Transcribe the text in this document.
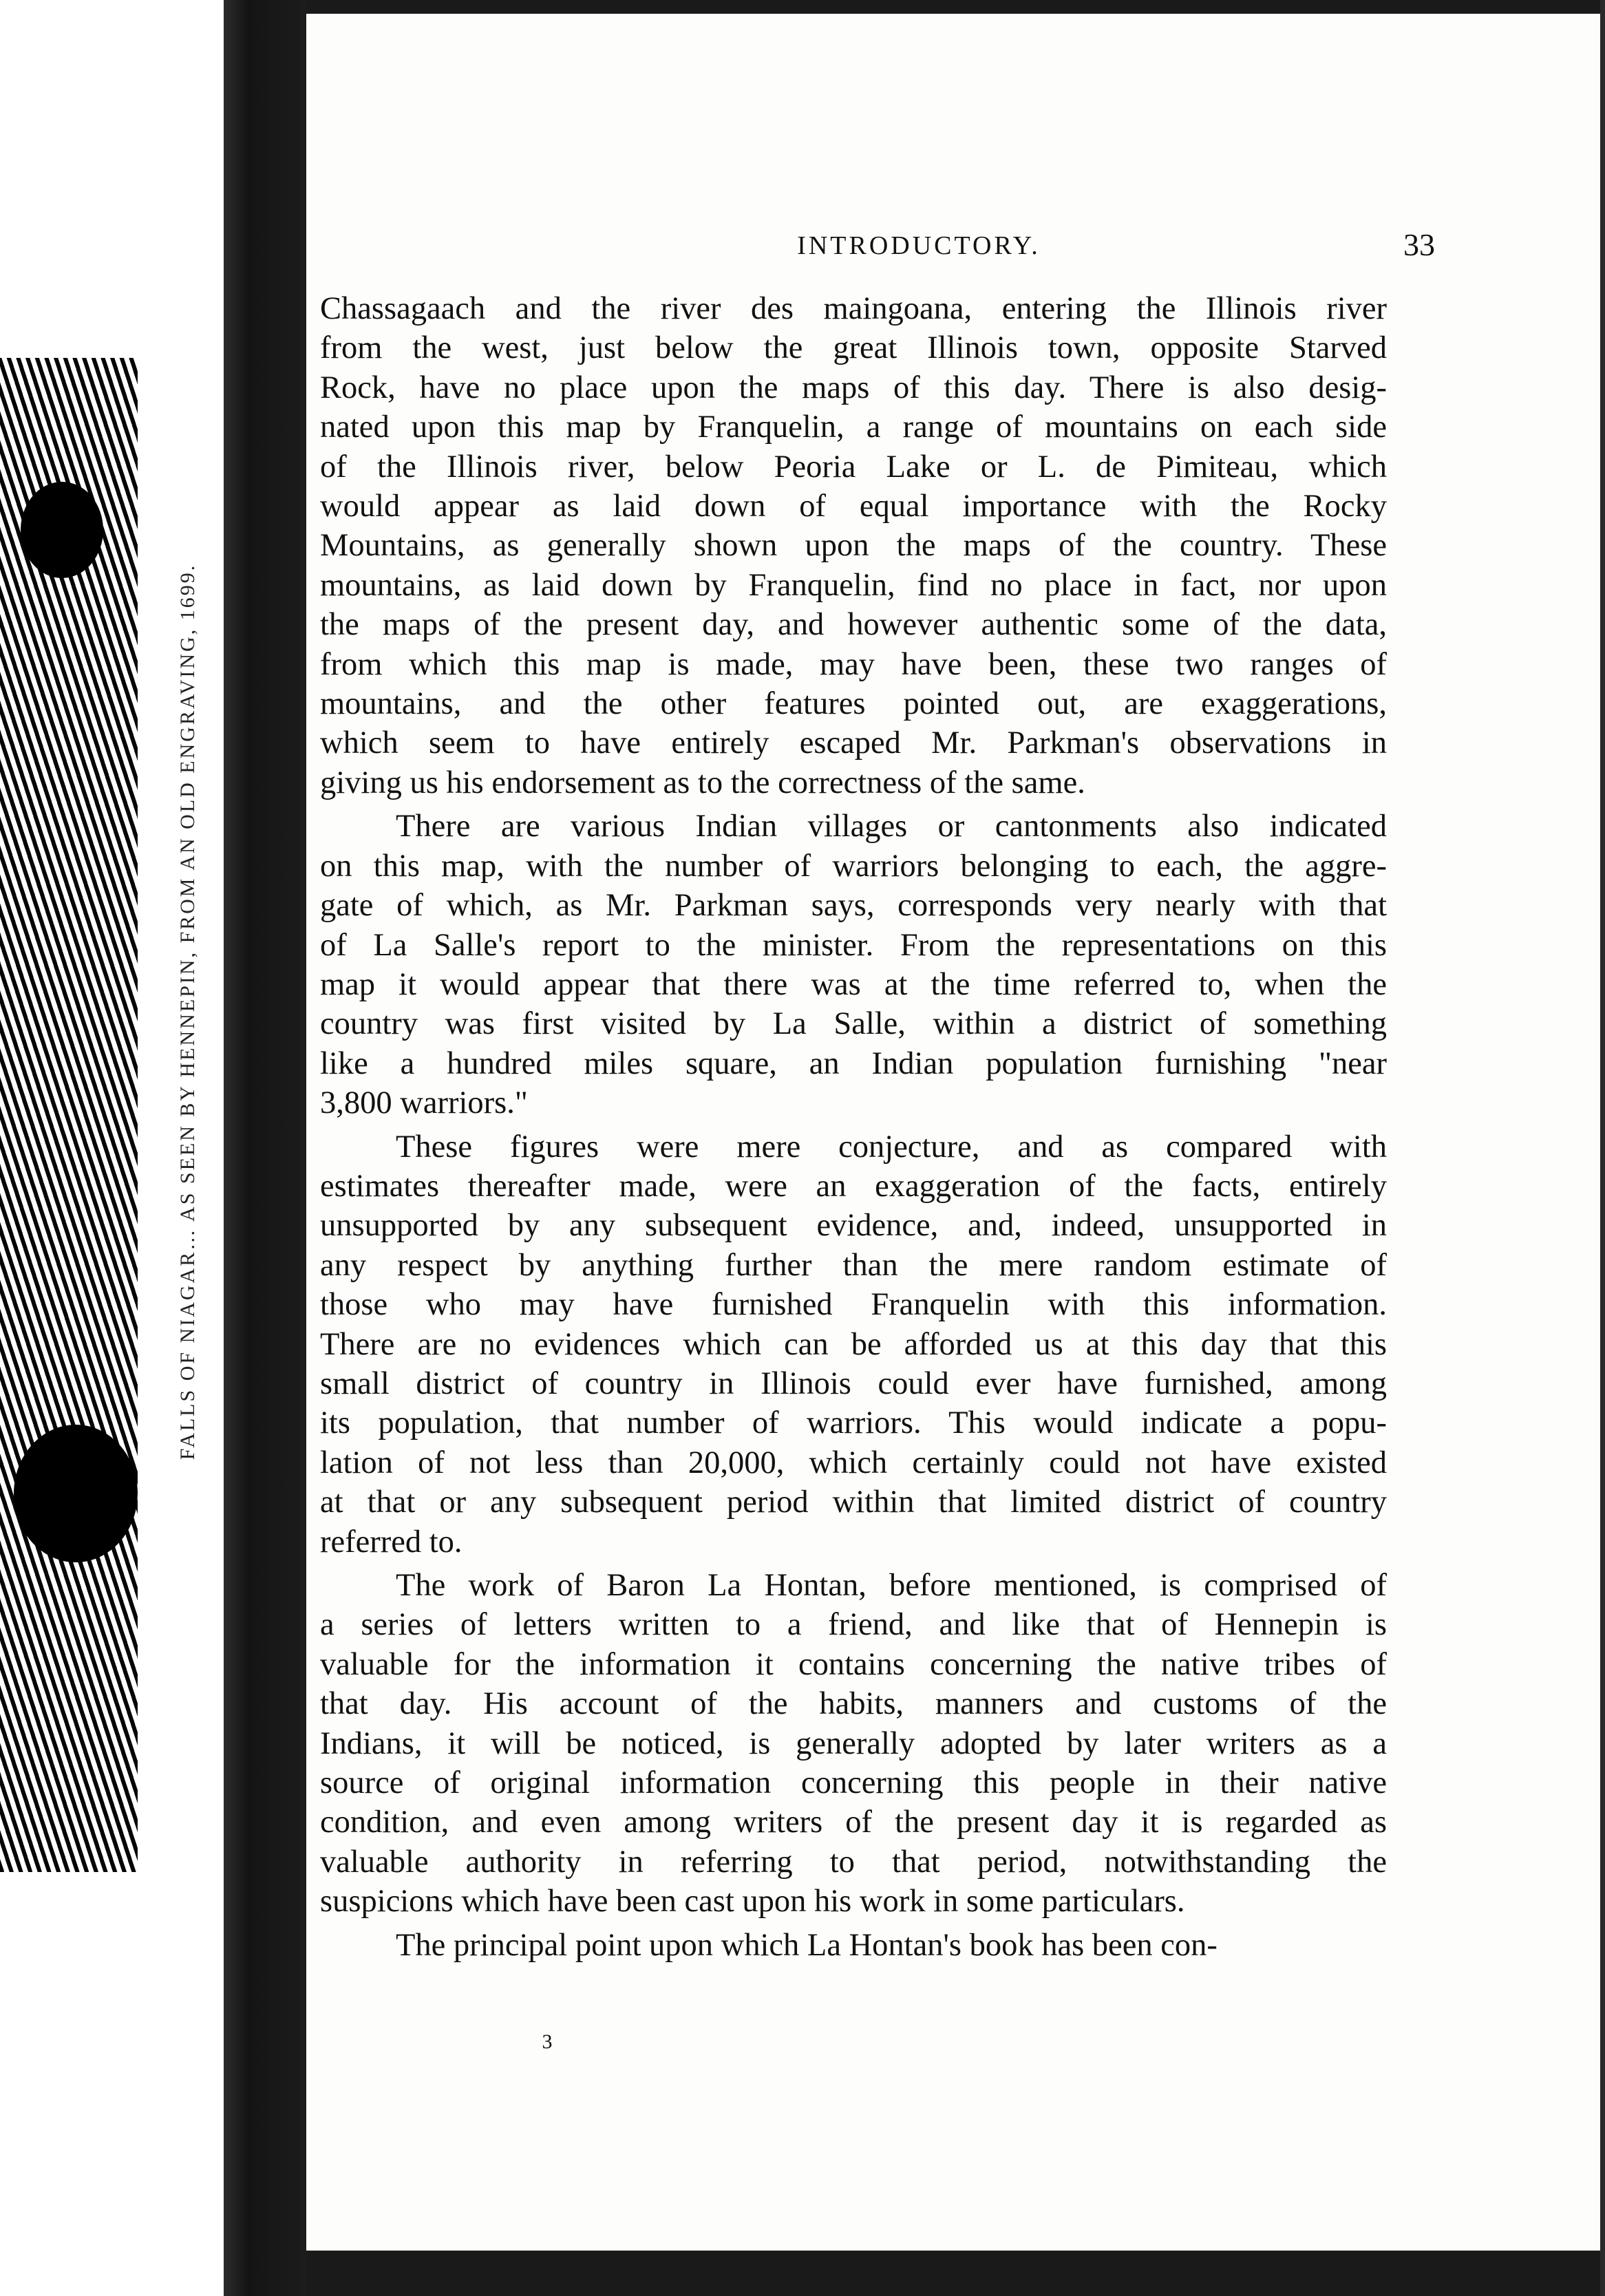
FALLS OF NIAGAR… AS SEEN BY HENNEPIN, FROM AN OLD ENGRAVING, 1699.
INTRODUCTORY.	33
Chassagaach and the river des maingoana, entering the Illinois river
from the west, just below the great Illinois town, opposite Starved
Rock, have no place upon the maps of this day. There is also desig-
nated upon this map by Franquelin, a range of mountains on each side
of the Illinois river, below Peoria Lake or L. de Pimiteau, which
would appear as laid down of equal importance with the Rocky
Mountains, as generally shown upon the maps of the country. These
mountains, as laid down by Franquelin, find no place in fact, nor upon
the maps of the present day, and however authentic some of the data,
from which this map is made, may have been, these two ranges of
mountains, and the other features pointed out, are exaggerations,
which seem to have entirely escaped Mr. Parkman's observations in
giving us his endorsement as to the correctness of the same.
There are various Indian villages or cantonments also indicated
on this map, with the number of warriors belonging to each, the aggre-
gate of which, as Mr. Parkman says, corresponds very nearly with that
of La Salle's report to the minister. From the representations on this
map it would appear that there was at the time referred to, when the
country was first visited by La Salle, within a district of something
like a hundred miles square, an Indian population furnishing "near
3,800 warriors."
These figures were mere conjecture, and as compared with
estimates thereafter made, were an exaggeration of the facts, entirely
unsupported by any subsequent evidence, and, indeed, unsupported in
any respect by anything further than the mere random estimate of
those who may have furnished Franquelin with this information.
There are no evidences which can be afforded us at this day that this
small district of country in Illinois could ever have furnished, among
its population, that number of warriors. This would indicate a popu-
lation of not less than 20,000, which certainly could not have existed
at that or any subsequent period within that limited district of country
referred to.
The work of Baron La Hontan, before mentioned, is comprised of
a series of letters written to a friend, and like that of Hennepin is
valuable for the information it contains concerning the native tribes of
that day. His account of the habits, manners and customs of the
Indians, it will be noticed, is generally adopted by later writers as a
source of original information concerning this people in their native
condition, and even among writers of the present day it is regarded as
valuable authority in referring to that period, notwithstanding the
suspicions which have been cast upon his work in some particulars.
The principal point upon which La Hontan's book has been con-
3
